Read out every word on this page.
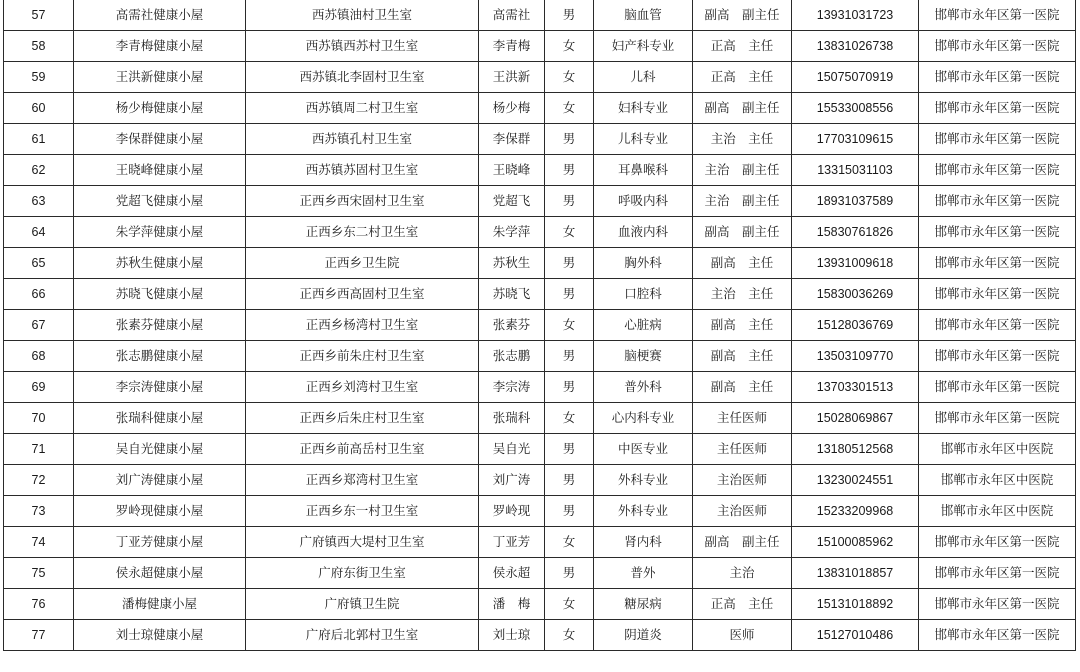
57	高需社健康小屋	西苏镇油村卫生室	高需社	男	脑血管	副高　副主任	13931031723	邯郸市永年区第一医院
58	李青梅健康小屋	西苏镇西苏村卫生室	李青梅	女	妇产科专业	正高　主任	13831026738	邯郸市永年区第一医院
59	王洪新健康小屋	西苏镇北李固村卫生室	王洪新	女	儿科	正高　主任	15075070919	邯郸市永年区第一医院
60	杨少梅健康小屋	西苏镇周二村卫生室	杨少梅	女	妇科专业	副高　副主任	15533008556	邯郸市永年区第一医院
61	李保群健康小屋	西苏镇孔村卫生室	李保群	男	儿科专业	主治　主任	17703109615	邯郸市永年区第一医院
62	王晓峰健康小屋	西苏镇苏固村卫生室	王晓峰	男	耳鼻喉科	主治　副主任	13315031103	邯郸市永年区第一医院
63	党超飞健康小屋	正西乡西宋固村卫生室	党超飞	男	呼吸内科	主治　副主任	18931037589	邯郸市永年区第一医院
64	朱学萍健康小屋	正西乡东二村卫生室	朱学萍	女	血液内科	副高　副主任	15830761826	邯郸市永年区第一医院
65	苏秋生健康小屋	正西乡卫生院	苏秋生	男	胸外科	副高　主任	13931009618	邯郸市永年区第一医院
66	苏晓飞健康小屋	正西乡西高固村卫生室	苏晓飞	男	口腔科	主治　主任	15830036269	邯郸市永年区第一医院
67	张素芬健康小屋	正西乡杨湾村卫生室	张素芬	女	心脏病	副高　主任	15128036769	邯郸市永年区第一医院
68	张志鹏健康小屋	正西乡前朱庄村卫生室	张志鹏	男	脑梗赛	副高　主任	13503109770	邯郸市永年区第一医院
69	李宗涛健康小屋	正西乡刘湾村卫生室	李宗涛	男	普外科	副高　主任	13703301513	邯郸市永年区第一医院
70	张瑞科健康小屋	正西乡后朱庄村卫生室	张瑞科	女	心内科专业	主任医师	15028069867	邯郸市永年区第一医院
71	吴自光健康小屋	正西乡前高岳村卫生室	吴自光	男	中医专业	主任医师	13180512568	邯郸市永年区中医院
72	刘广涛健康小屋	正西乡郑湾村卫生室	刘广涛	男	外科专业	主治医师	13230024551	邯郸市永年区中医院
73	罗岭现健康小屋	正西乡东一村卫生室	罗岭现	男	外科专业	主治医师	15233209968	邯郸市永年区中医院
74	丁亚芳健康小屋	广府镇西大堤村卫生室	丁亚芳	女	肾内科	副高　副主任	15100085962	邯郸市永年区第一医院
75	侯永超健康小屋	广府东街卫生室	侯永超	男	普外	主治	13831018857	邯郸市永年区第一医院
76	潘梅健康小屋	广府镇卫生院	潘　梅	女	糖尿病	正高　主任	15131018892	邯郸市永年区第一医院
77	刘士琼健康小屋	广府后北郭村卫生室	刘士琼	女	阴道炎	医师	15127010486	邯郸市永年区第一医院
